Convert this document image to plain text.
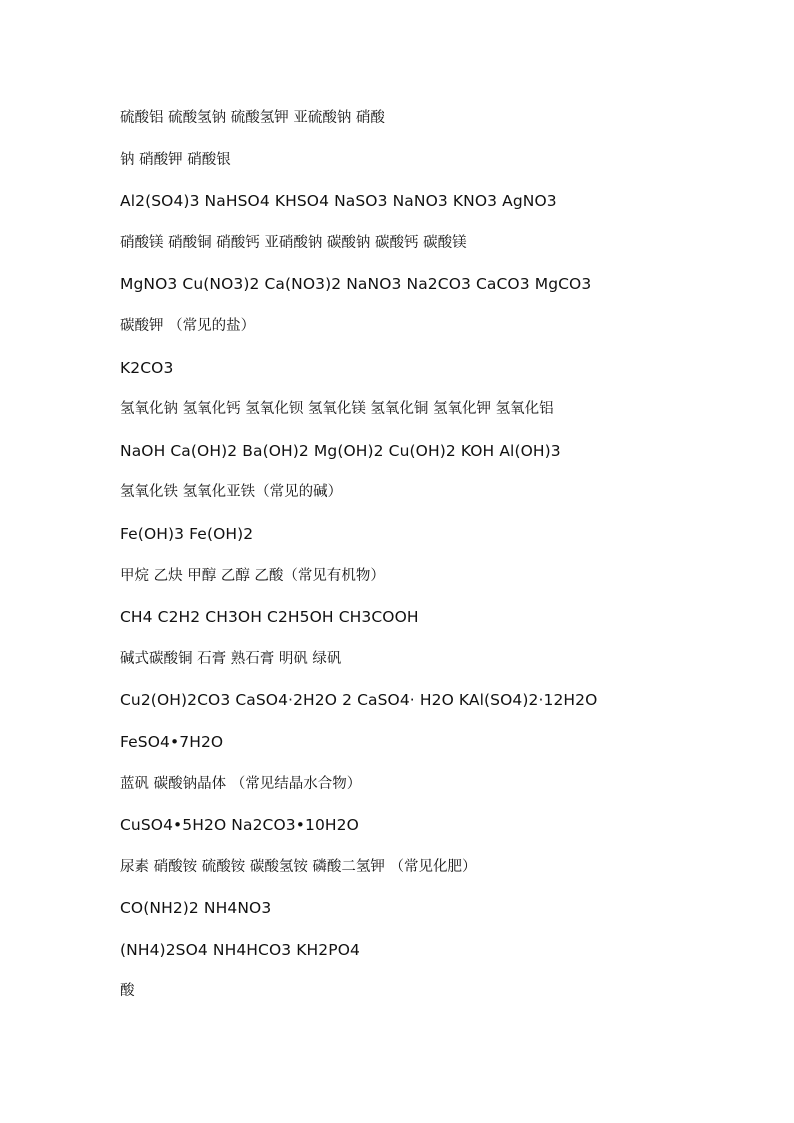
硫酸铝 硫酸氢钠 硫酸氢钾 亚硫酸钠 硝酸
钠 硝酸钾 硝酸银
Al2(SO4)3 NaHSO4 KHSO4 NaSO3 NaNO3 KNO3 AgNO3
硝酸镁 硝酸铜 硝酸钙 亚硝酸钠 碳酸钠 碳酸钙 碳酸镁
MgNO3 Cu(NO3)2 Ca(NO3)2 NaNO3 Na2CO3 CaCO3 MgCO3
碳酸钾 （常见的盐）
K2CO3
氢氧化钠 氢氧化钙 氢氧化钡 氢氧化镁 氢氧化铜 氢氧化钾 氢氧化铝
NaOH Ca(OH)2 Ba(OH)2 Mg(OH)2 Cu(OH)2 KOH Al(OH)3
氢氧化铁 氢氧化亚铁（常见的碱）
Fe(OH)3 Fe(OH)2
甲烷 乙炔 甲醇 乙醇 乙酸（常见有机物）
CH4 C2H2 CH3OH C2H5OH CH3COOH
碱式碳酸铜 石膏 熟石膏 明矾 绿矾
Cu2(OH)2CO3 CaSO4·2H2O 2 CaSO4· H2O KAl(SO4)2·12H2O
FeSO4•7H2O
蓝矾 碳酸钠晶体 （常见结晶水合物）
CuSO4•5H2O Na2CO3•10H2O
尿素 硝酸铵 硫酸铵 碳酸氢铵 磷酸二氢钾 （常见化肥）
CO(NH2)2 NH4NO3
(NH4)2SO4 NH4HCO3 KH2PO4
酸
